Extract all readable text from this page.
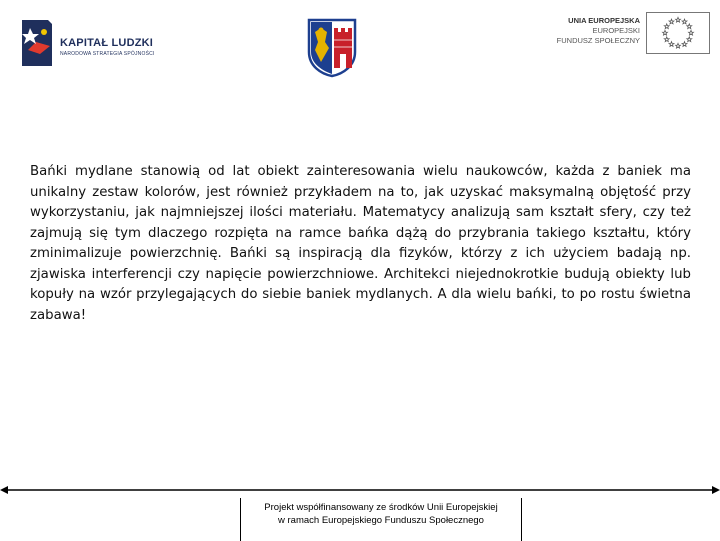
KAPITAŁ LUDZKI
NARODOWA STRATEGIA SPÓJNOŚCI
UNIA EUROPEJSKA
EUROPEJSKI
FUNDUSZ SPOŁECZNY
Bańki mydlane stanowią od lat obiekt zainteresowania wielu naukowców, każda z baniek ma unikalny zestaw kolorów, jest również przykładem na to, jak uzyskać maksymalną objętość przy wykorzystaniu, jak najmniejszej ilości materiału. Matematycy analizują sam kształt sfery, czy też zajmują się tym dlaczego rozpięta na ramce bańka dążą do przybrania takiego kształtu, który zminimalizuje powierzchnię. Bańki są inspiracją dla fizyków, którzy z ich użyciem badają np. zjawiska interferencji czy napięcie powierzchniowe. Architekci niejednokrotkie budują obiekty lub kopuły na wzór przylegających do siebie baniek mydlanych. A dla wielu bańki, to po rostu świetna zabawa!
Projekt współfinansowany ze środków Unii Europejskiej
w ramach Europejskiego Funduszu Społecznego
